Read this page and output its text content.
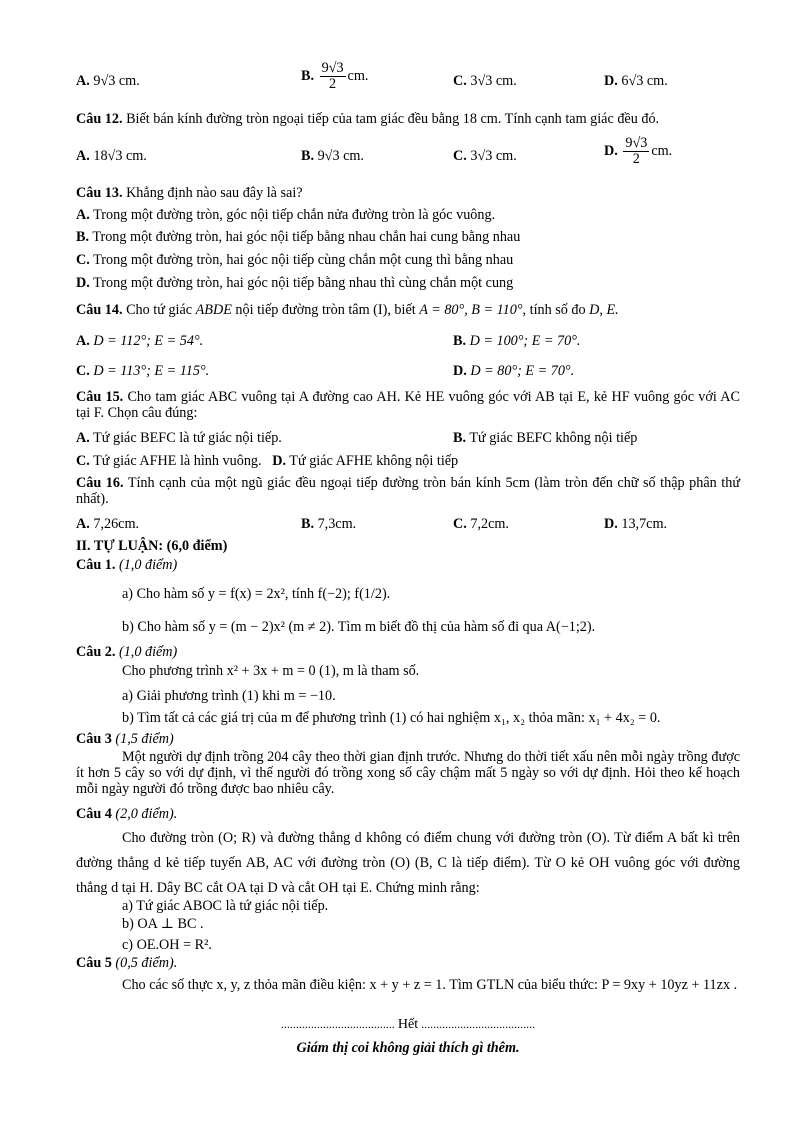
A. 9√3 cm.	B. $\frac{9√3}{2}$ cm.	C. 3√3 cm.	D. 6√3 cm.
Câu 12. Biết bán kính đường tròn ngoại tiếp của tam giác đều bằng 18 cm. Tính cạnh tam giác đều đó.
A. 18√3 cm.	B. 9√3 cm.	C. 3√3 cm.	D. $\frac{9√3}{2}$ cm.
Câu 13. Khẳng định nào sau đây là sai?
A. Trong một đường tròn, góc nội tiếp chắn nửa đường tròn là góc vuông.
B. Trong một đường tròn, hai góc nội tiếp bằng nhau chắn hai cung bằng nhau
C. Trong một đường tròn, hai góc nội tiếp cùng chắn một cung thì bằng nhau
D. Trong một đường tròn, hai góc nội tiếp bằng nhau thì cùng chắn một cung
Câu 14. Cho tứ giác ABDE nội tiếp đường tròn tâm (I), biết A = 80°, B = 110°, tính số đo D, E.
A. D = 112°; E = 54°.	B. D = 100°; E = 70°.
C. D = 113°; E = 115°.	D. D = 80°; E = 70°.
Câu 15. Cho tam giác ABC vuông tại A đường cao AH. Kẻ HE vuông góc với AB tại E, kẻ HF vuông góc với AC tại F. Chọn câu đúng:
A. Tứ giác BEFC là tứ giác nội tiếp.	B. Tứ giác BEFC không nội tiếp
C. Tứ giác AFHE là hình vuông. D. Tứ giác AFHE không nội tiếp
Câu 16. Tính cạnh của một ngũ giác đều ngoại tiếp đường tròn bán kính 5cm (làm tròn đến chữ số thập phân thứ nhất).
A. 7,26cm.	B. 7,3cm.	C. 7,2cm.	D. 13,7cm.
II. TỰ LUẬN: (6,0 điểm)
Câu 1. (1,0 điểm)
a) Cho hàm số y = f(x) = 2x², tính f(−2); f(1/2).
b) Cho hàm số y = (m − 2)x² (m ≠ 2). Tìm m biết đồ thị của hàm số đi qua A(−1;2).
Câu 2. (1,0 điểm)
Cho phương trình x² + 3x + m = 0 (1), m là tham số.
a) Giải phương trình (1) khi m = −10.
b) Tìm tất cả các giá trị của m để phương trình (1) có hai nghiệm x₁, x₂ thỏa mãn: x₁ + 4x₂ = 0.
Câu 3 (1,5 điểm)
Một người dự định trồng 204 cây theo thời gian định trước. Nhưng do thời tiết xấu nên mỗi ngày trồng được ít hơn 5 cây so với dự định, vì thế người đó trồng xong số cây chậm mất 5 ngày so với dự định. Hỏi theo kế hoạch mỗi ngày người đó trồng được bao nhiêu cây.
Câu 4 (2,0 điểm).
Cho đường tròn (O; R) và đường thẳng d không có điểm chung với đường tròn (O). Từ điểm A bất kì trên đường thẳng d kẻ tiếp tuyến AB, AC với đường tròn (O) (B, C là tiếp điểm). Từ O kẻ OH vuông góc với đường thẳng d tại H. Dây BC cắt OA tại D và cắt OH tại E. Chứng minh rằng:
a) Tứ giác ABOC là tứ giác nội tiếp.
b) OA ⊥ BC .
c) OE.OH = R².
Câu 5 (0,5 điểm).
Cho các số thực x, y, z thỏa mãn điều kiện: x + y + z = 1. Tìm GTLN của biểu thức: P = 9xy + 10yz + 11zx .
...................................... Hết ......................................
Giám thị coi không giải thích gì thêm.
